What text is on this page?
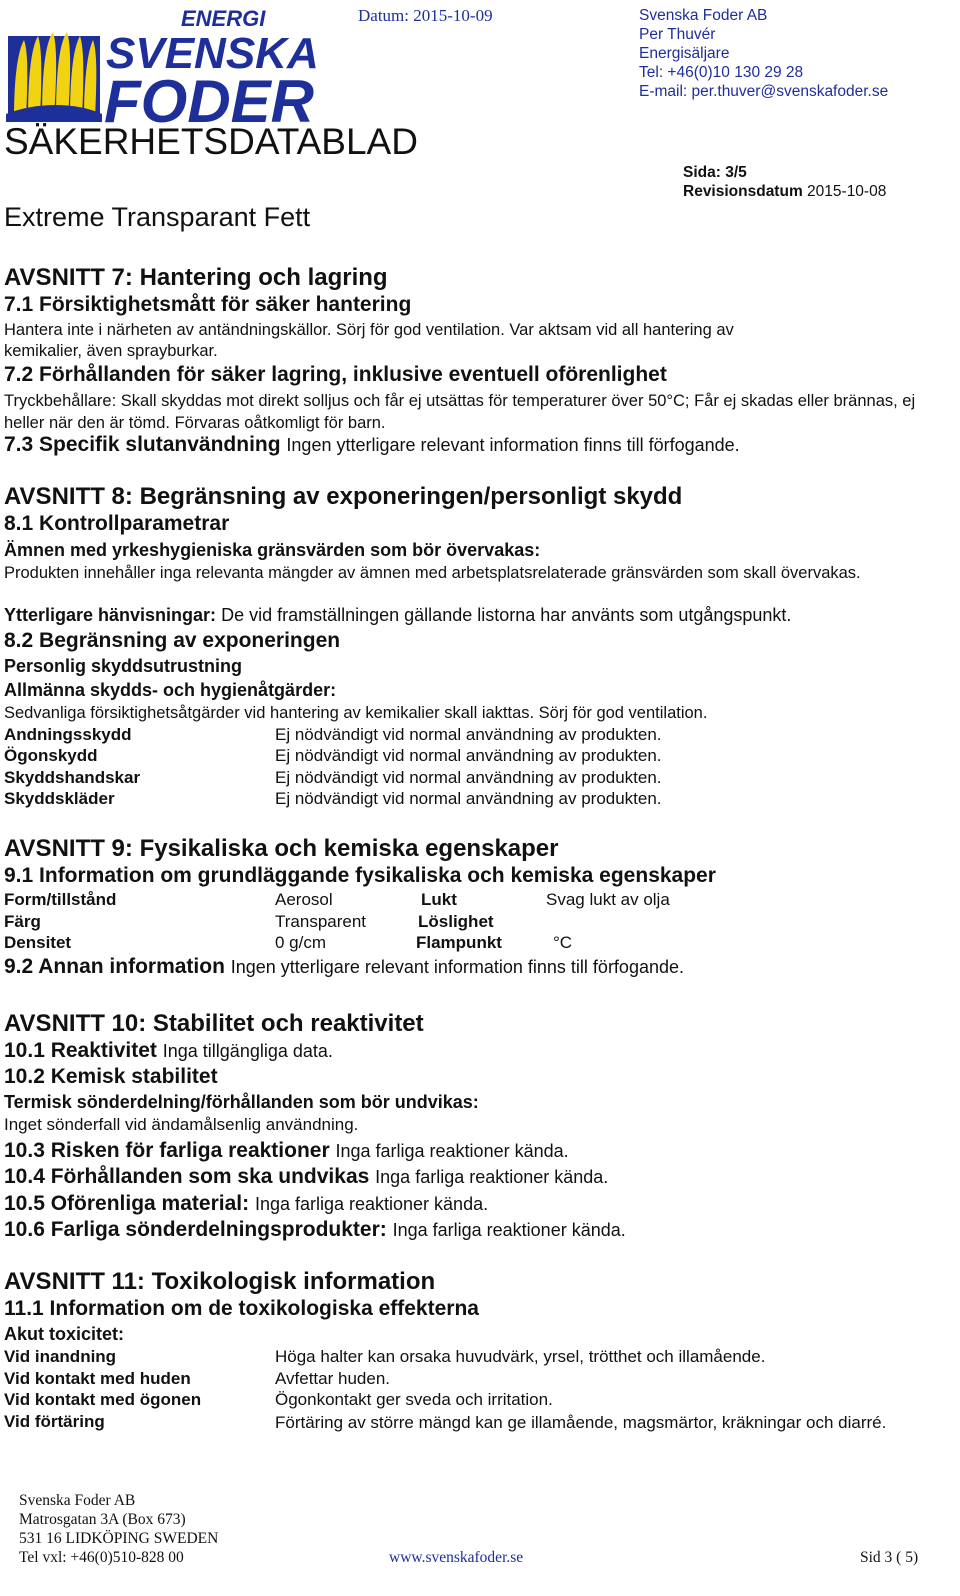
ENERGI
SVENSKA
FODER
Datum: 2015-10-09	Svenska Foder AB
Per Thuvér
Energisäljare
Tel: +46(0)10 130 29 28
E-mail: per.thuver@svenskafoder.se
SÄKERHETSDATABLAD
Extreme Transparant Fett
Sida: 3/5
Revisionsdatum 2015-10-08
AVSNITT 7: Hantering och lagring
7.1 Försiktighetsmått för säker hantering
Hantera inte i närheten av antändningskällor. Sörj för god ventilation. Var aktsam vid all hantering av kemikalier, även sprayburkar.
7.2 Förhållanden för säker lagring, inklusive eventuell oförenlighet
Tryckbehållare: Skall skyddas mot direkt solljus och får ej utsättas för temperaturer över 50°C; Får ej skadas eller brännas, ej heller när den är tömd. Förvaras oåtkomligt för barn.
7.3 Specifik slutanvändning Ingen ytterligare relevant information finns till förfogande.
AVSNITT 8: Begränsning av exponeringen/personligt skydd
8.1 Kontrollparametrar
Ämnen med yrkeshygieniska gränsvärden som bör övervakas:
Produkten innehåller inga relevanta mängder av ämnen med arbetsplatsrelaterade gränsvärden som skall övervakas.
Ytterligare hänvisningar: De vid framställningen gällande listorna har använts som utgångspunkt.
8.2 Begränsning av exponeringen
Personlig skyddsutrustning
Allmänna skydds- och hygienåtgärder:
Sedvanliga försiktighetsåtgärder vid hantering av kemikalier skall iakttas. Sörj för god ventilation.
Andningsskydd	Ej nödvändigt vid normal användning av produkten.
Ögonskydd	Ej nödvändigt vid normal användning av produkten.
Skyddshandskar	Ej nödvändigt vid normal användning av produkten.
Skyddskläder	Ej nödvändigt vid normal användning av produkten.
AVSNITT 9: Fysikaliska och kemiska egenskaper
9.1 Information om grundläggande fysikaliska och kemiska egenskaper
Form/tillstånd	Aerosol	Lukt	Svag lukt av olja
Färg	Transparent	Löslighet
Densitet	0 g/cm	Flampunkt	°C
9.2 Annan information Ingen ytterligare relevant information finns till förfogande.
AVSNITT 10: Stabilitet och reaktivitet
10.1 Reaktivitet Inga tillgängliga data.
10.2 Kemisk stabilitet
Termisk sönderdelning/förhållanden som bör undvikas:
Inget sönderfall vid ändamålsenlig användning.
10.3 Risken för farliga reaktioner Inga farliga reaktioner kända.
10.4 Förhållanden som ska undvikas Inga farliga reaktioner kända.
10.5 Oförenliga material: Inga farliga reaktioner kända.
10.6 Farliga sönderdelningsprodukter: Inga farliga reaktioner kända.
AVSNITT 11: Toxikologisk information
11.1 Information om de toxikologiska effekterna
Akut toxicitet:
Vid inandning	Höga halter kan orsaka huvudvärk, yrsel, trötthet och illamående.
Vid kontakt med huden	Avfettar huden.
Vid kontakt med ögonen	Ögonkontakt ger sveda och irritation.
Vid förtäring	Förtäring av större mängd kan ge illamående, magsmärtor, kräkningar och diarré.
Svenska Foder AB
Matrosgatan 3A (Box 673)
531 16 LIDKÖPING SWEDEN
Tel vxl: +46(0)510-828 00	www.svenskafoder.se	Sid 3 ( 5)
